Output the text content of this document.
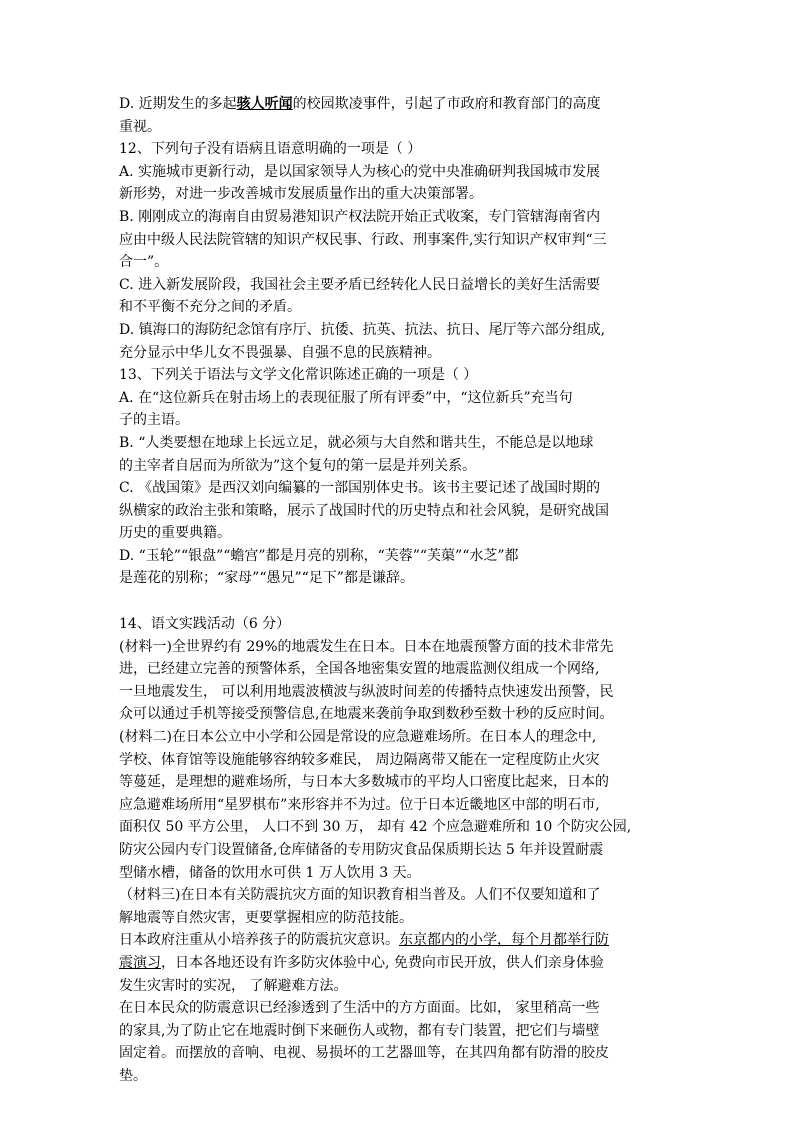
D. 近期发生的多起骇人听闻的校园欺凌事件，引起了市政府和教育部门的高度
重视。
12、下列句子没有语病且语意明确的一项是（ ）
A. 实施城市更新行动，是以国家领导人为核心的党中央准确研判我国城市发展
新形势，对进一步改善城市发展质量作出的重大决策部署。
B. 刚刚成立的海南自由贸易港知识产权法院开始正式收案，专门管辖海南省内
应由中级人民法院管辖的知识产权民事、行政、刑事案件,实行知识产权审判“三
合一”。
C. 进入新发展阶段，我国社会主要矛盾已经转化人民日益增长的美好生活需要
和不平衡不充分之间的矛盾。
D. 镇海口的海防纪念馆有序厅、抗倭、抗英、抗法、抗日、尾厅等六部分组成,
充分显示中华儿女不畏强暴、自强不息的民族精神。
13、下列关于语法与文学文化常识陈述正确的一项是（ ）
A. 在“这位新兵在射击场上的表现征服了所有评委”中，“这位新兵”充当句
子的主语。
B. “人类要想在地球上长远立足，就必须与大自然和谐共生，不能总是以地球
的主宰者自居而为所欲为”这个复句的第一层是并列关系。
C. 《战国策》是西汉刘向编纂的一部国别体史书。该书主要记述了战国时期的
纵横家的政治主张和策略，展示了战国时代的历史特点和社会风貌，是研究战国
历史的重要典籍。
D. “玉轮”“银盘”“蟾宫”都是月亮的别称，“芙蓉”“芙蕖”“水芝”都
是莲花的别称；“家母”“愚兄”“足下”都是谦辞。
14、语文实践活动（6 分）
(材料一)全世界约有 29%的地震发生在日本。日本在地震预警方面的技术非常先
进，已经建立完善的预警体系，全国各地密集安置的地震监测仪组成一个网络,
一旦地震发生， 可以利用地震波横波与纵波时间差的传播特点快速发出预警，民
众可以通过手机等接受预警信息,在地震来袭前争取到数秒至数十秒的反应时间。
(材料二)在日本公立中小学和公园是常设的应急避难场所。在日本人的理念中,
学校、体育馆等设施能够容纳较多难民， 周边隔离带又能在一定程度防止火灾
等蔓延，是理想的避难场所，与日本大多数城市的平均人口密度比起来，日本的
应急避难场所用“星罗棋布”来形容并不为过。位于日本近畿地区中部的明石市,
面积仅 50 平方公里， 人口不到 30 万， 却有 42 个应急避难所和 10 个防灾公园,
防灾公园内专门设置储备,仓库储备的专用防灾食品保质期长达 5 年并设置耐震
型储水槽，储备的饮用水可供 1 万人饮用 3 天。
（材料三)在日本有关防震抗灾方面的知识教育相当普及。人们不仅要知道和了
解地震等自然灾害，更要掌握相应的防范技能。
日本政府注重从小培养孩子的防震抗灾意识。东京都内的小学，每个月都举行防
震演习，日本各地还设有许多防灾体验中心, 免费向市民开放，供人们亲身体验
发生灾害时的实况， 了解避难方法。
在日本民众的防震意识已经渗透到了生活中的方方面面。比如， 家里稍高一些
的家具,为了防止它在地震时倒下来砸伤人或物，都有专门装置，把它们与墙壁
固定着。而摆放的音响、电视、易损坏的工艺器皿等，在其四角都有防滑的胶皮
垫。
